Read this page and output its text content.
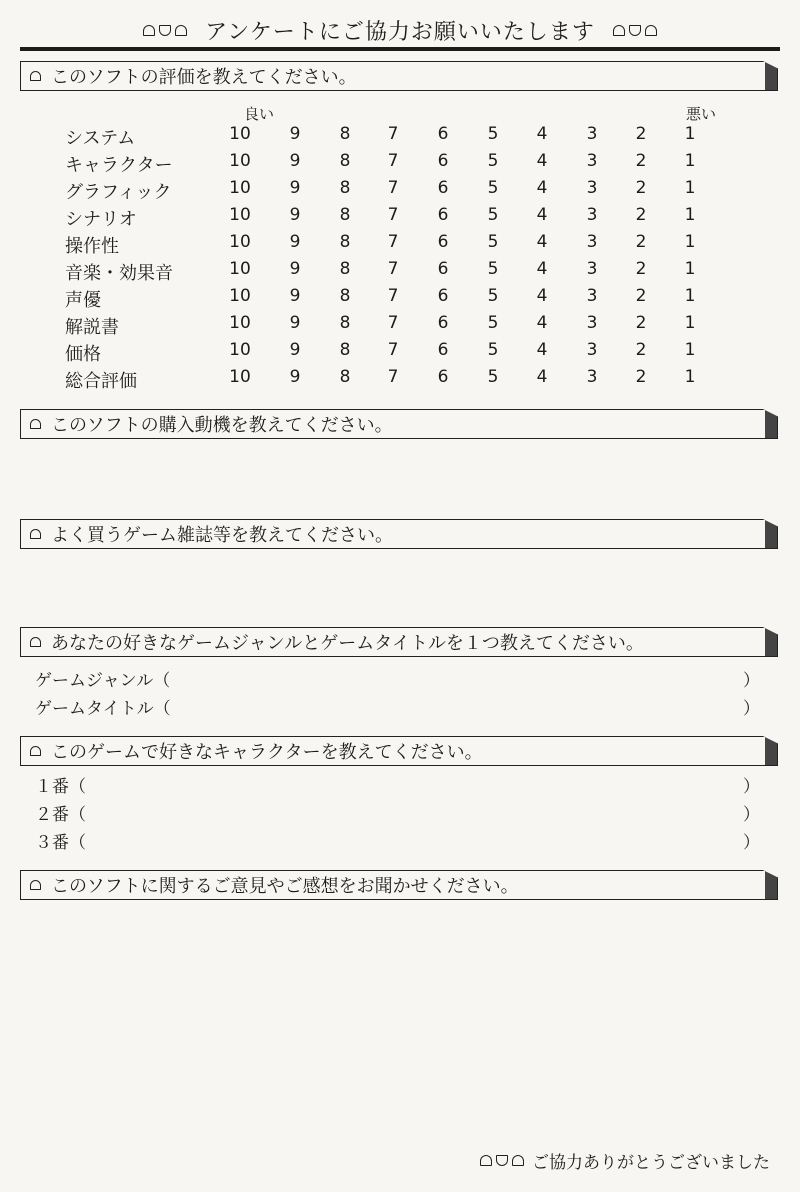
アンケートにご協力お願いいたします
このソフトの評価を教えてください。
良い	悪い
システム	10	9	8	7	6	5	4	3	2	1
キャラクター	10	9	8	7	6	5	4	3	2	1
グラフィック	10	9	8	7	6	5	4	3	2	1
シナリオ	10	9	8	7	6	5	4	3	2	1
操作性	10	9	8	7	6	5	4	3	2	1
音楽・効果音	10	9	8	7	6	5	4	3	2	1
声優	10	9	8	7	6	5	4	3	2	1
解説書	10	9	8	7	6	5	4	3	2	1
価格	10	9	8	7	6	5	4	3	2	1
総合評価	10	9	8	7	6	5	4	3	2	1
このソフトの購入動機を教えてください。
よく買うゲーム雑誌等を教えてください。
あなたの好きなゲームジャンルとゲームタイトルを１つ教えてください。
ゲームジャンル（	）
ゲームタイトル（	）
このゲームで好きなキャラクターを教えてください。
１番（	）
２番（	）
３番（	）
このソフトに関するご意見やご感想をお聞かせください。
ご協力ありがとうございました
